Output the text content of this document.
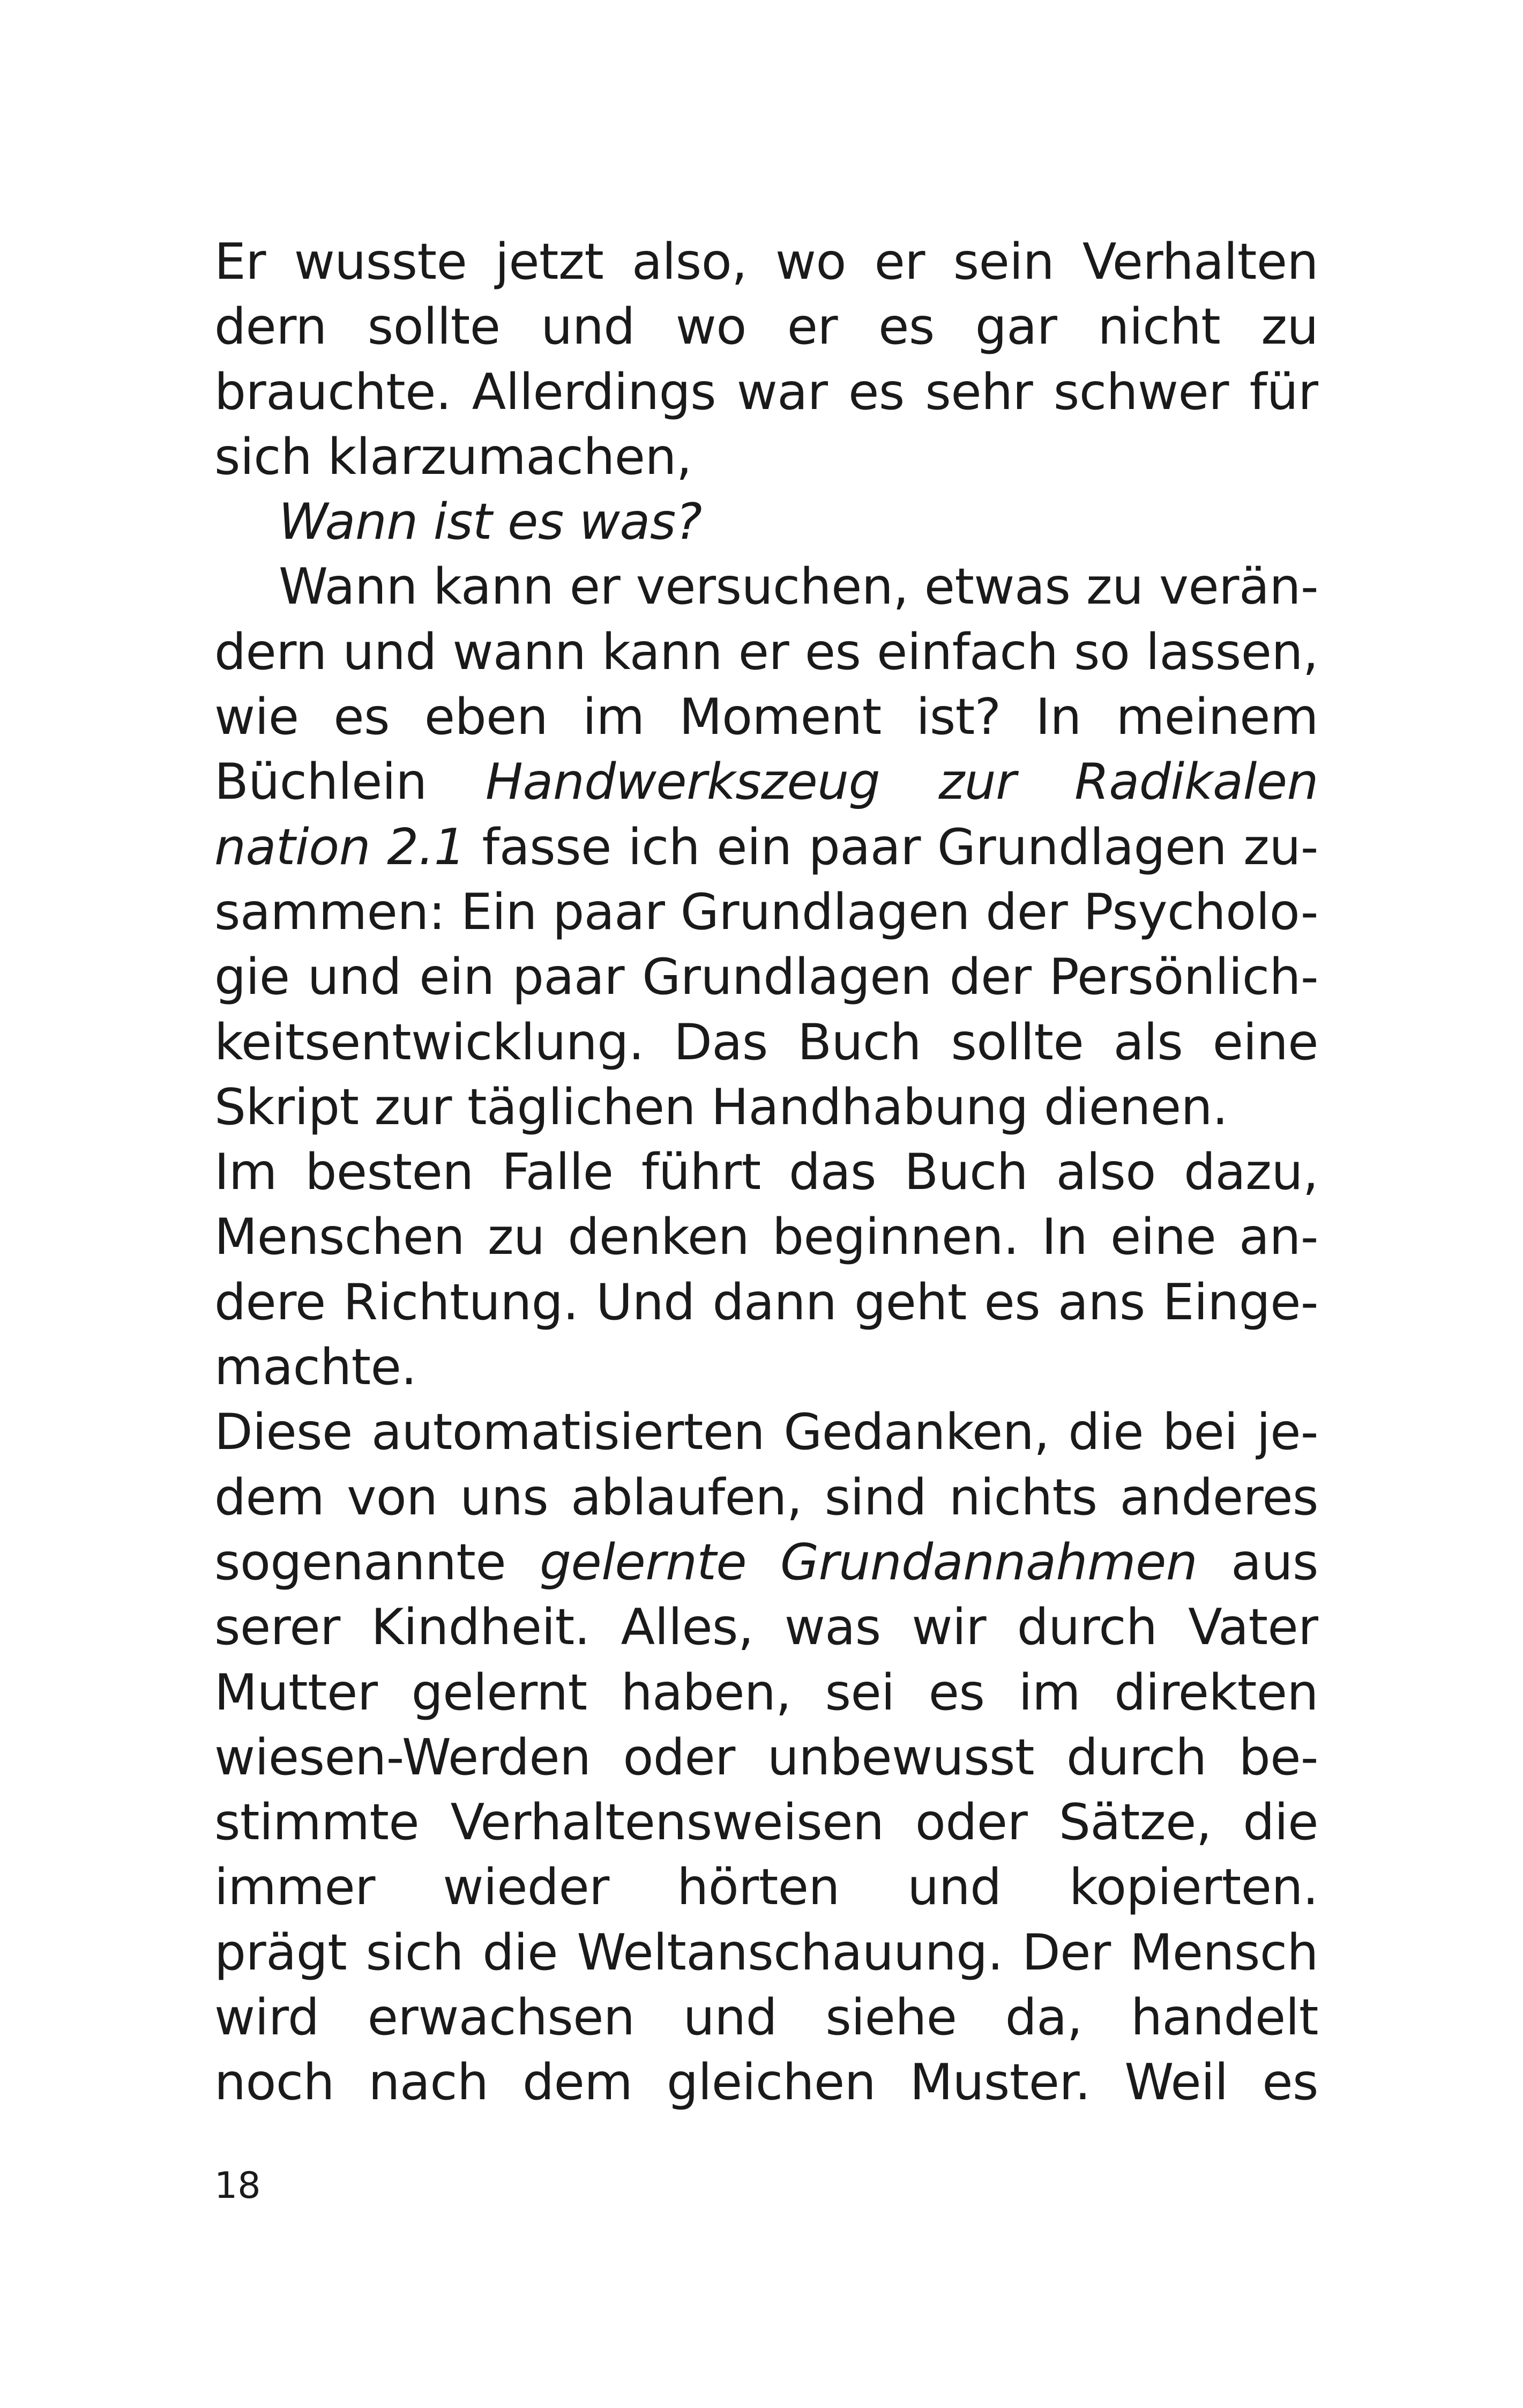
Er wusste jetzt also, wo er sein Verhalten
dern sollte und wo er es gar nicht zu
brauchte. Allerdings war es sehr schwer für
sich klarzumachen,
Wann ist es was?
Wann kann er versuchen, etwas zu verän-
dern und wann kann er es einfach so lassen,
wie es eben im Moment ist? In meinem
Büchlein Handwerkszeug zur Radikalen
nation 2.1 fasse ich ein paar Grundlagen zu-
sammen: Ein paar Grundlagen der Psycholo-
gie und ein paar Grundlagen der Persönlich-
keitsentwicklung. Das Buch sollte als eine
Skript zur täglichen Handhabung dienen.
Im besten Falle führt das Buch also dazu,
Menschen zu denken beginnen. In eine an-
dere Richtung. Und dann geht es ans Einge-
machte.
Diese automatisierten Gedanken, die bei je-
dem von uns ablaufen, sind nichts anderes
sogenannte gelernte Grundannahmen aus
serer Kindheit. Alles, was wir durch Vater
Mutter gelernt haben, sei es im direkten
wiesen-Werden oder unbewusst durch be-
stimmte Verhaltensweisen oder Sätze, die
immer wieder hörten und kopierten.
prägt sich die Weltanschauung. Der Mensch
wird erwachsen und siehe da, handelt
noch nach dem gleichen Muster. Weil es
18
